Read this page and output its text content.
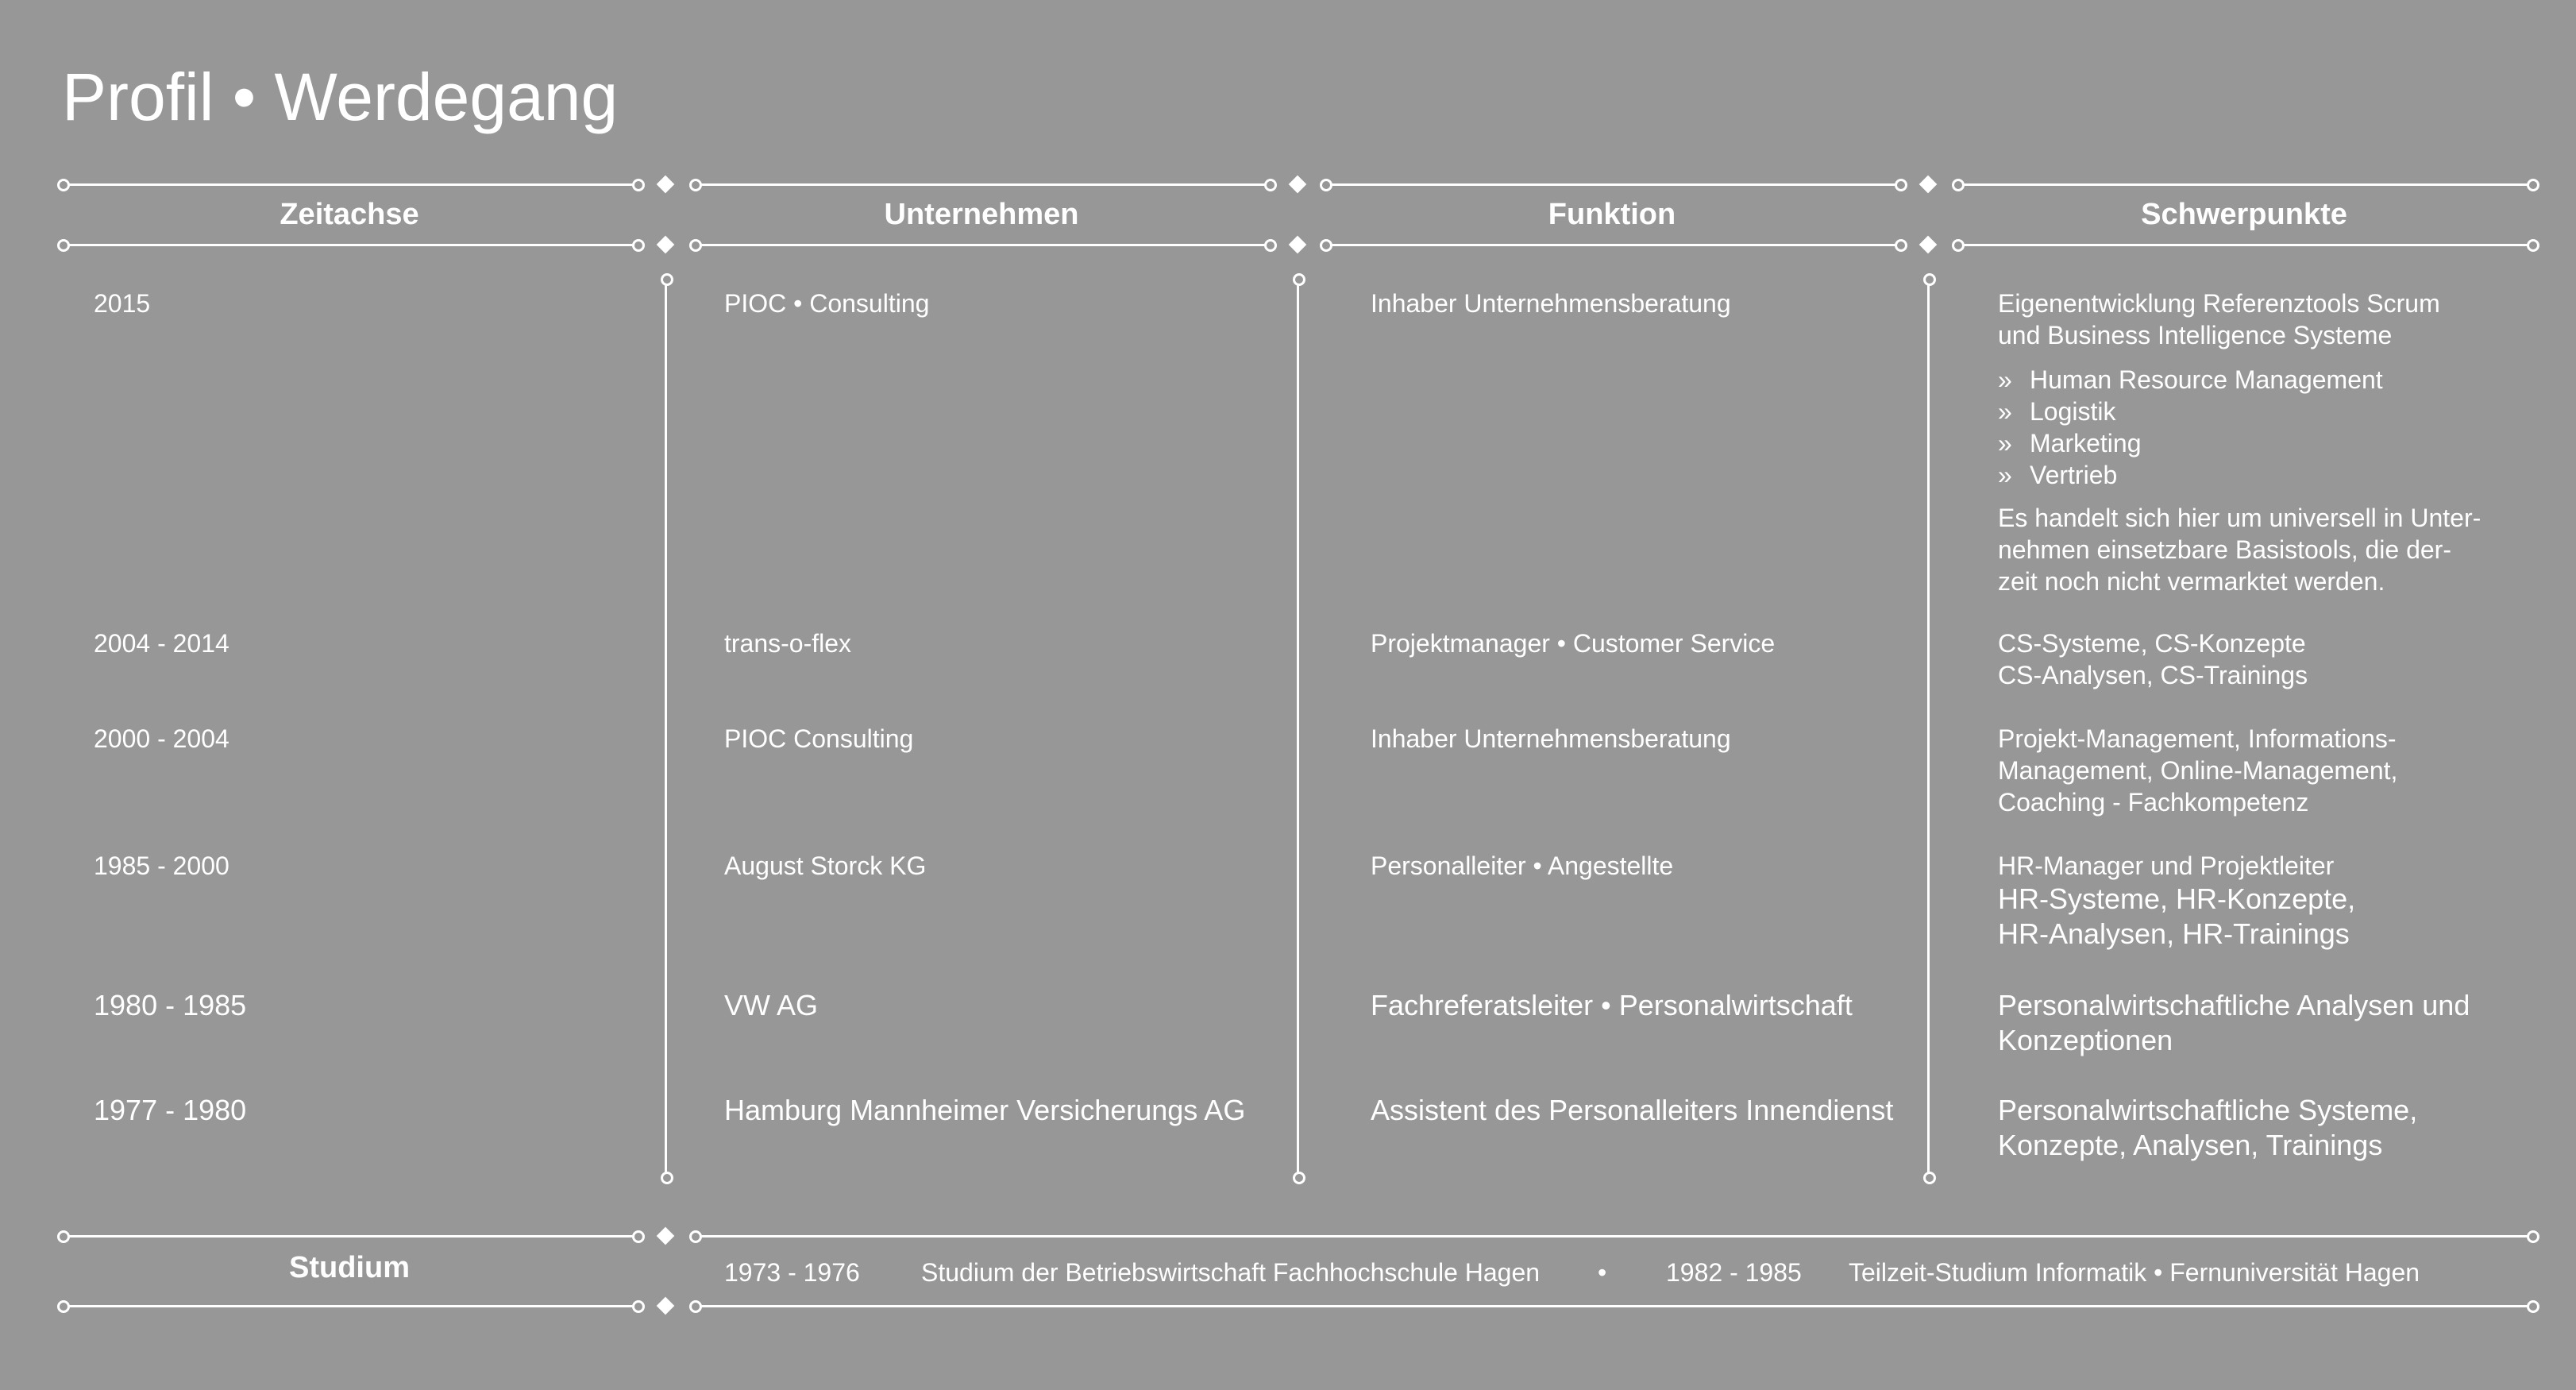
Profil • Werdegang
Zeitachse	Unternehmen	Funktion	Schwerpunkte
2015	PIOC • Consulting	Inhaber Unternehmensberatung	Eigenentwicklung Referenztools Scrum
und Business Intelligence Systeme
» Human Resource Management
» Logistik
» Marketing
» Vertrieb
Es handelt sich hier um universell in Unter-
nehmen einsetzbare Basistools, die der-
zeit noch nicht vermarktet werden.
2004 - 2014	trans-o-flex	Projektmanager • Customer Service	CS-Systeme, CS-Konzepte
CS-Analysen, CS-Trainings
2000 - 2004	PIOC Consulting	Inhaber Unternehmensberatung	Projekt-Management, Informations-
Management, Online-Management,
Coaching - Fachkompetenz
1985 - 2000	August Storck KG	Personalleiter • Angestellte	HR-Manager und Projektleiter
HR-Systeme, HR-Konzepte,
HR-Analysen, HR-Trainings
1980 - 1985	VW AG	Fachreferatsleiter • Personalwirtschaft	Personalwirtschaftliche Analysen und
Konzeptionen
1977 - 1980	Hamburg Mannheimer Versicherungs AG	Assistent des Personalleiters Innendienst	Personalwirtschaftliche Systeme,
Konzepte, Analysen, Trainings
Studium	1973 - 1976 Studium der Betriebswirtschaft Fachhochschule Hagen • 1982 - 1985 Teilzeit-Studium Informatik • Fernuniversität Hagen
